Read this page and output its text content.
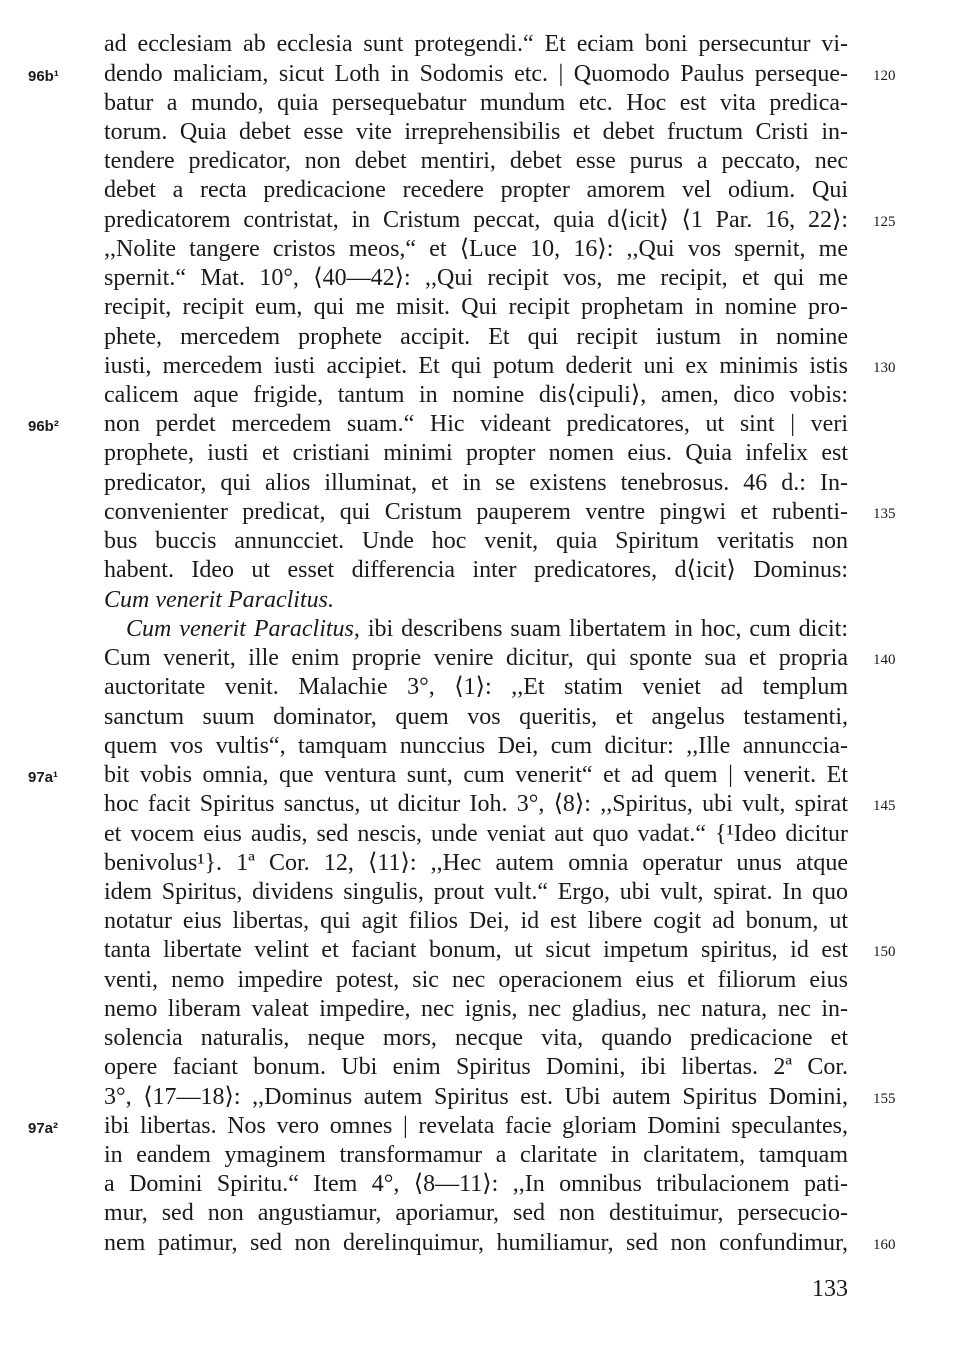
ad ecclesiam ab ecclesia sunt protegendi.“ Et eciam boni persecuntur vi-
dendo maliciam, sicut Loth in Sodomis etc. | Quomodo Paulus perseque-
batur a mundo, quia persequebatur mundum etc. Hoc est vita predica-
torum. Quia debet esse vite irreprehensibilis et debet fructum Cristi in-
tendere predicator, non debet mentiri, debet esse purus a peccato, nec
debet a recta predicacione recedere propter amorem vel odium. Qui
predicatorem contristat, in Cristum peccat, quia d⟨icit⟩ ⟨1 Par. 16, 22⟩:
,,Nolite tangere cristos meos,“ et ⟨Luce 10, 16⟩: ,,Qui vos spernit, me
spernit.“ Mat. 10°, ⟨40—42⟩: ,,Qui recipit vos, me recipit, et qui me
recipit, recipit eum, qui me misit. Qui recipit prophetam in nomine pro-
phete, mercedem prophete accipit. Et qui recipit iustum in nomine
iusti, mercedem iusti accipiet. Et qui potum dederit uni ex minimis istis
calicem aque frigide, tantum in nomine dis⟨cipuli⟩, amen, dico vobis:
non perdet mercedem suam.“ Hic videant predicatores, ut sint | veri
prophete, iusti et cristiani minimi propter nomen eius. Quia infelix est
predicator, qui alios illuminat, et in se existens tenebrosus. 46 d.: In-
convenienter predicat, qui Cristum pauperem ventre pingwi et rubenti-
bus buccis annuncciet. Unde hoc venit, quia Spiritum veritatis non
habent. Ideo ut esset differencia inter predicatores, d⟨icit⟩ Dominus:
Cum venerit Paraclitus.
Cum venerit Paraclitus, ibi describens suam libertatem in hoc, cum dicit:
Cum venerit, ille enim proprie venire dicitur, qui sponte sua et propria
auctoritate venit. Malachie 3°, ⟨1⟩: ,,Et statim veniet ad templum
sanctum suum dominator, quem vos queritis, et angelus testamenti,
quem vos vultis“, tamquam nunccius Dei, cum dicitur: ,,Ille annunccia-
bit vobis omnia, que ventura sunt, cum venerit“ et ad quem | venerit. Et
hoc facit Spiritus sanctus, ut dicitur Ioh. 3°, ⟨8⟩: ,,Spiritus, ubi vult, spirat
et vocem eius audis, sed nescis, unde veniat aut quo vadat.“ {¹Ideo dicitur
benivolus¹}. 1ª Cor. 12, ⟨11⟩: ,,Hec autem omnia operatur unus atque
idem Spiritus, dividens singulis, prout vult.“ Ergo, ubi vult, spirat. In quo
notatur eius libertas, qui agit filios Dei, id est libere cogit ad bonum, ut
tanta libertate velint et faciant bonum, ut sicut impetum spiritus, id est
venti, nemo impedire potest, sic nec operacionem eius et filiorum eius
nemo liberam valeat impedire, nec ignis, nec gladius, nec natura, nec in-
solencia naturalis, neque mors, necque vita, quando predicacione et
opere faciant bonum. Ubi enim Spiritus Domini, ibi libertas. 2ª Cor.
3°, ⟨17—18⟩: ,,Dominus autem Spiritus est. Ubi autem Spiritus Domini,
ibi libertas. Nos vero omnes | revelata facie gloriam Domini speculantes,
in eandem ymaginem transformamur a claritate in claritatem, tamquam
a Domini Spiritu.“ Item 4°, ⟨8—11⟩: ,,In omnibus tribulacionem pati-
mur, sed non angustiamur, aporiamur, sed non destituimur, persecucio-
nem patimur, sed non derelinquimur, humiliamur, sed non confundimur,
96b¹
96b²
97a¹
97a²
120
125
130
135
140
145
150
155
160
133
